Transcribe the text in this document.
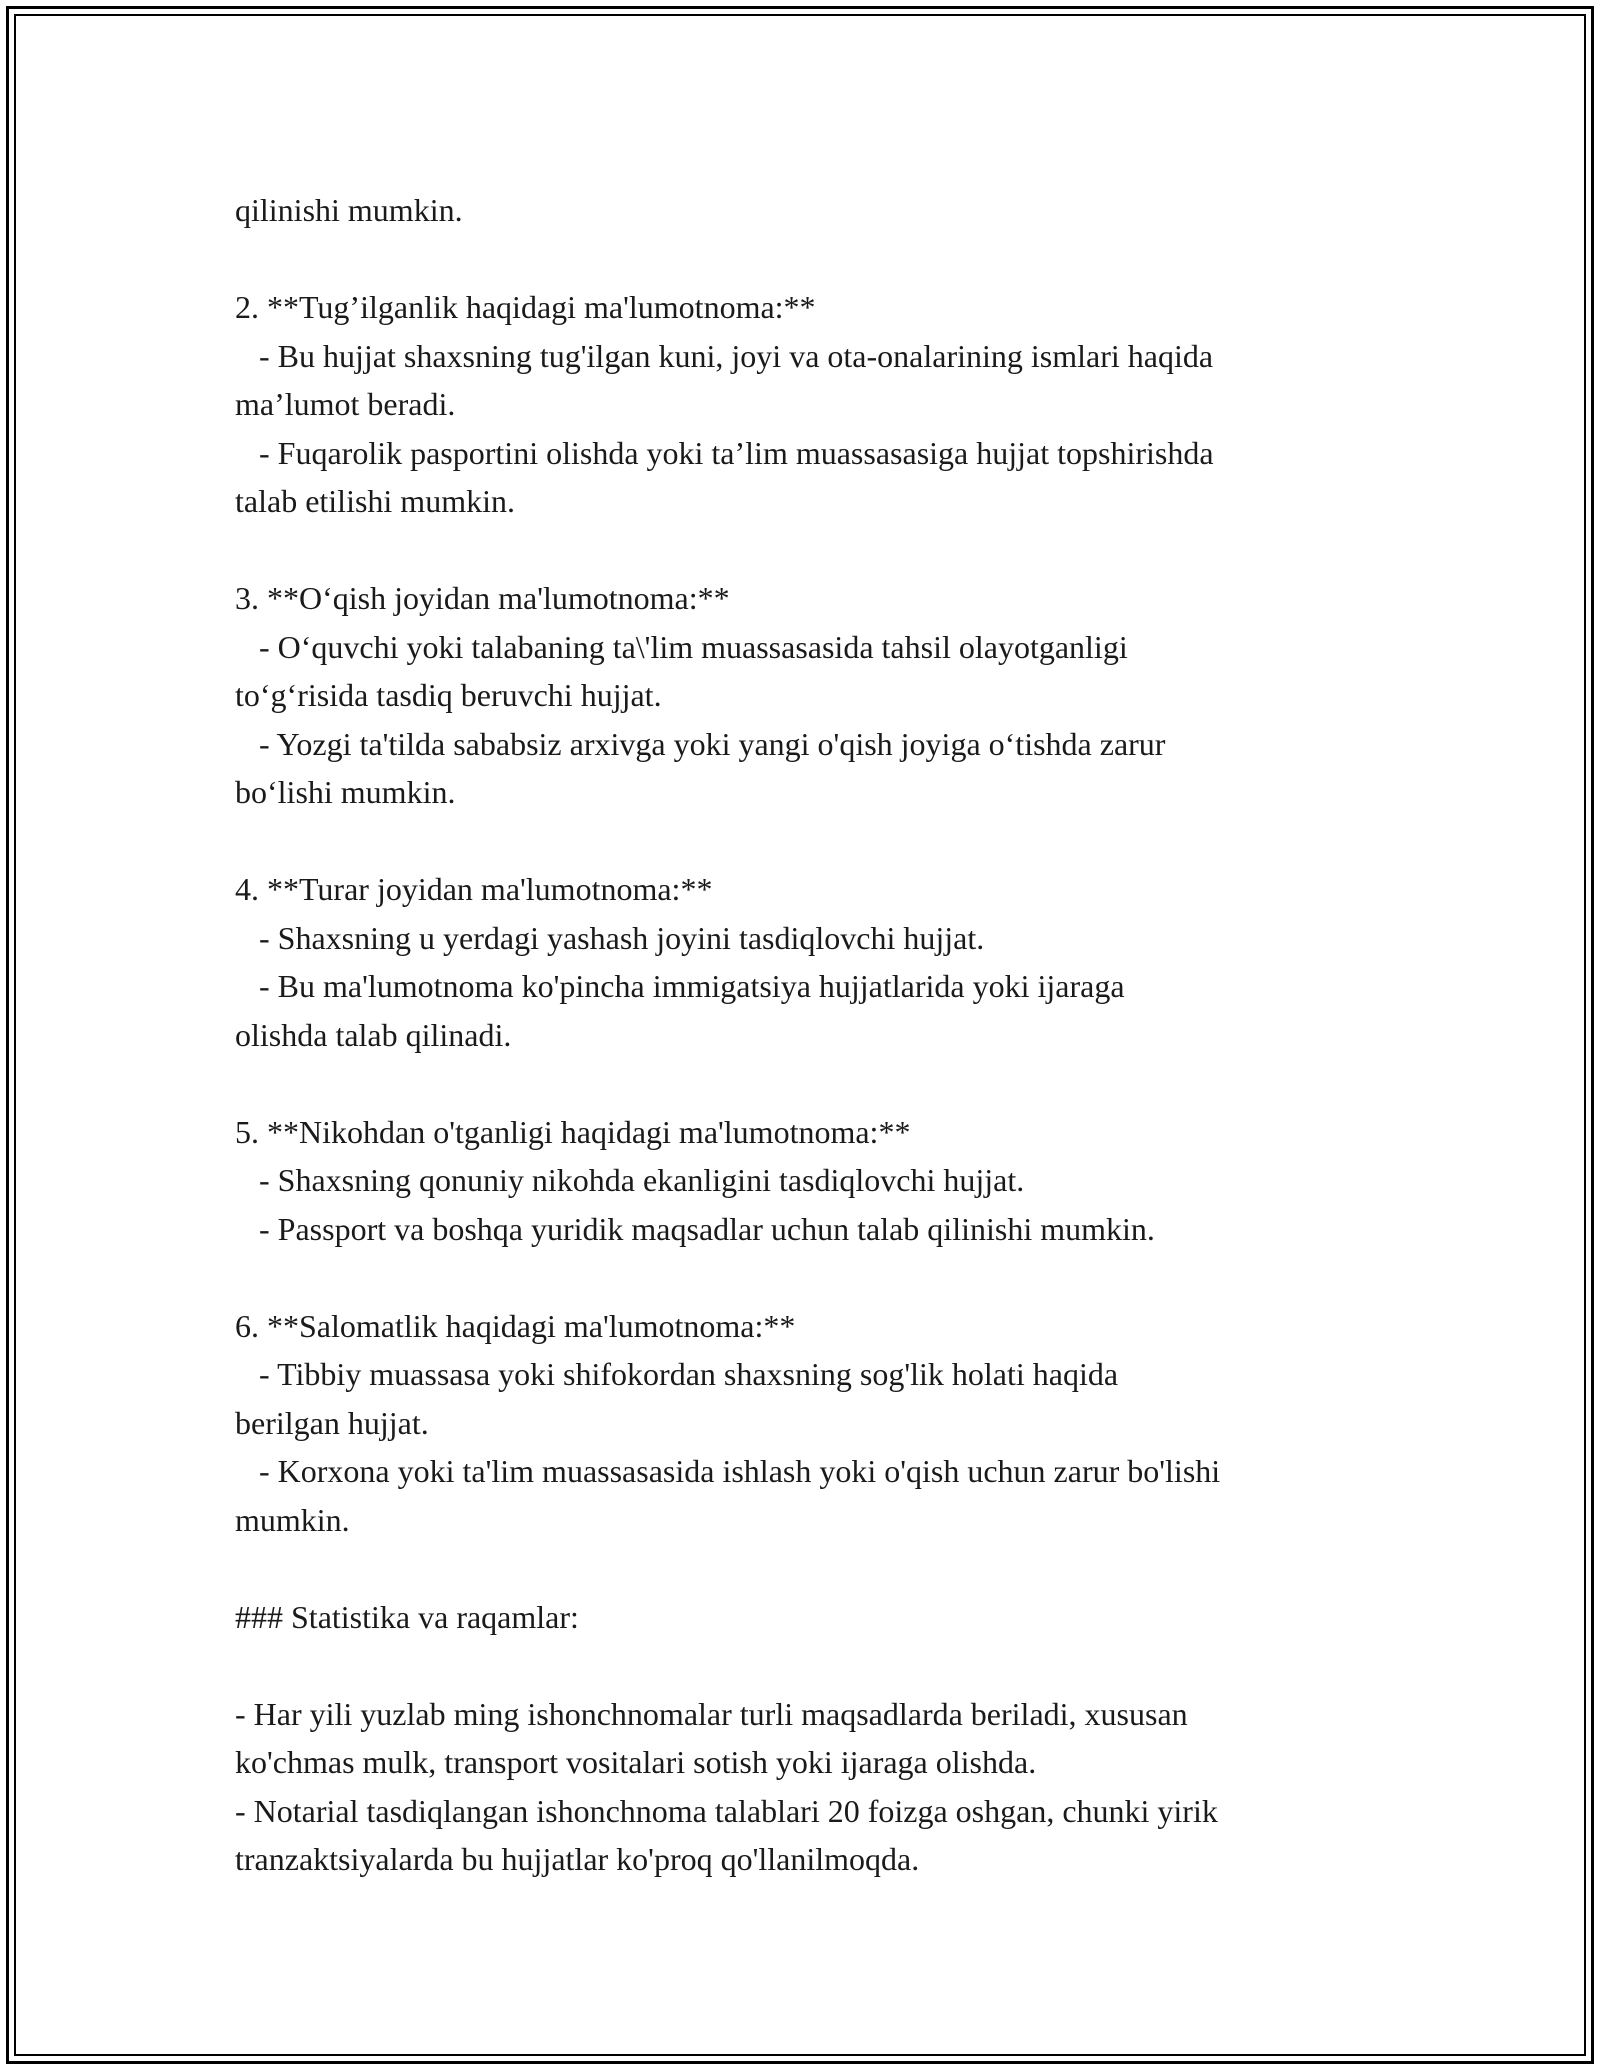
qilinishi mumkin.
2. **Tug’ilganlik haqidagi ma'lumotnoma:**
- Bu hujjat shaxsning tug'ilgan kuni, joyi va ota-onalarining ismlari haqida
ma’lumot beradi.
- Fuqarolik pasportini olishda yoki ta’lim muassasasiga hujjat topshirishda
talab etilishi mumkin.
3. **O‘qish joyidan ma'lumotnoma:**
- O‘quvchi yoki talabaning ta\'lim muassasasida tahsil olayotganligi
to‘g‘risida tasdiq beruvchi hujjat.
- Yozgi ta'tilda sababsiz arxivga yoki yangi o'qish joyiga o‘tishda zarur
bo‘lishi mumkin.
4. **Turar joyidan ma'lumotnoma:**
- Shaxsning u yerdagi yashash joyini tasdiqlovchi hujjat.
- Bu ma'lumotnoma ko'pincha immigatsiya hujjatlarida yoki ijaraga
olishda talab qilinadi.
5. **Nikohdan o'tganligi haqidagi ma'lumotnoma:**
- Shaxsning qonuniy nikohda ekanligini tasdiqlovchi hujjat.
- Passport va boshqa yuridik maqsadlar uchun talab qilinishi mumkin.
6. **Salomatlik haqidagi ma'lumotnoma:**
- Tibbiy muassasa yoki shifokordan shaxsning sog'lik holati haqida
berilgan hujjat.
- Korxona yoki ta'lim muassasasida ishlash yoki o'qish uchun zarur bo'lishi
mumkin.
### Statistika va raqamlar:
- Har yili yuzlab ming ishonchnomalar turli maqsadlarda beriladi, xususan
ko'chmas mulk, transport vositalari sotish yoki ijaraga olishda.
- Notarial tasdiqlangan ishonchnoma talablari 20 foizga oshgan, chunki yirik
tranzaktsiyalarda bu hujjatlar ko'proq qo'llanilmoqda.
